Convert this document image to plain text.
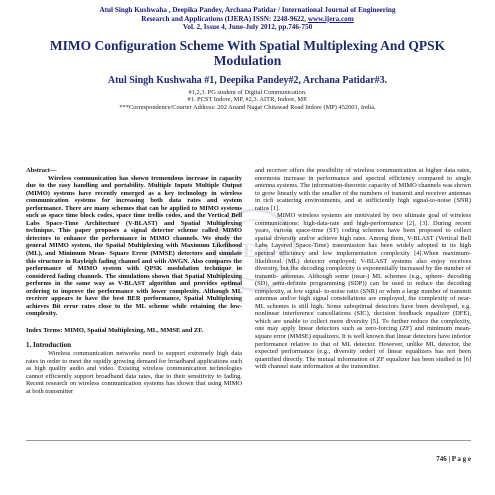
Atul Singh Kushwaha , Deepika Pandey, Archana Patidar / International Journal of Engineering
Research and Applications (IJERA) ISSN: 2248-9622, www.ijera.com
Vol. 2, Issue 4, June-July 2012, pp.746-750
MIMO Configuration Scheme With Spatial Multiplexing And QPSK
Modulation
Atul Singh Kushwaha #1, Deepika Pandey#2, Archana Patidar#3.
#1,2,3. PG student of Digital Communication.
#1. PCST Indore, MP, #2,3. AITR, Indore, MP.
***Correspondence/Courier Address: 202 Anand Nagar Chitawad Road Indore (MP) 452001, India.
IJERA

Abstract—
Wireless communication has shown tremendous increase in capacity due to the easy handling and portability. Multiple Inputs Multiple Output (MIMO) systems have recently emerged as a key technology in wireless communication systems for increasing both data rates and system performance. There are many schemes that can be applied to MIMO systems such as space time block codes, space time trellis codes, and the Vertical Bell Labs Space-Time Architecture (V-BLAST) and Spatial Multiplexing technique. This paper proposes a signal detector scheme called MIMO detectors to enhance the performance in MIMO channels. We study the general MIMO system, the Spatial Multiplexing with Maximum Likelihood (ML), and Minimum Mean- Square Error (MMSE) detectors and simulate this structure in Rayleigh fading channel and with AWGN. Also compares the performance of MIMO system with QPSK modulation technique in considered fading channels. The simulations shown that Spatial Multiplexing performs in the same way as V-BLAST algorithm and provides optimal ordering to improve the performance with lower complexity. Although ML receiver appears to have the best BER performance, Spatial Multiplexing achieves Bit error rates close to the ML scheme while retaining the low-complexity.

Index Terms: MIMO, Spatial Multiplexing, ML, MMSE and ZF.

1. Introduction

Wireless communication networks need to support extremely high data rates in order to meet the rapidly growing demand for broadband applications such as high quality audio and video. Existing wireless communication technologies cannot efficiently support broadband data rates, due to their sensitivity to fading. Recent research on wireless communication systems has shown that using MIMO at both transmitter

and receiver offers the possibility of wireless communication at higher data rates, enormous increase in performance and spectral efficiency compared to single antenna systems. The information-theoretic capacity of MIMO channels was shown to grow linearly with the smaller of the numbers of transmit and receiver antennas in rich scattering environments, and at sufficiently high signal-to-noise (SNR) ratios [1].

MIMO wireless systems are motivated by two ultimate goal of wireless communications: high-data-rate and high-performance [2], [3]. During recent years, various space-time (ST) coding schemes have been proposed to collect spatial diversity and/or achieve high rates. Among them, V-BLAST (Vertical Bell Labs Layered Space-Time) transmission has been widely adopted in its high spectral efficiency and low implementation complexity [4].When maximum-likelihood (ML) detector employed; V-BLAST systems also enjoy receives diversity, but the decoding complexity is exponentially increased by the number of transmit- antennas. Although some (near-) ML schemes (e.g., sphere- decoding (SD), semi-definite programming (SDP)) can be used to reduce the decoding complexity, at low signal- to-noise ratio (SNR) or when a large number of transmit antennas and/or high signal constellations are employed, the complexity of near-ML schemes is still high. Some suboptimal detectors have been developed, e.g. nonlinear interference cancellations (SIC), decision feedback equalizer (DFE), which are unable to collect more diversity [5]. To further reduce the complexity, one may apply linear detectors such as zero-forcing (ZF) and minimum mean- square error (MMSE) equalizers. It is well known that linear detectors have inferior performance relative to that of ML detector. However, unlike ML detector, the expected performance (e.g., diversity order) of linear equalizers has not been quantified directly. The mutual information of ZF equalizer has been studied in [6] with channel state information at the transmitter.

746 | P a g e
